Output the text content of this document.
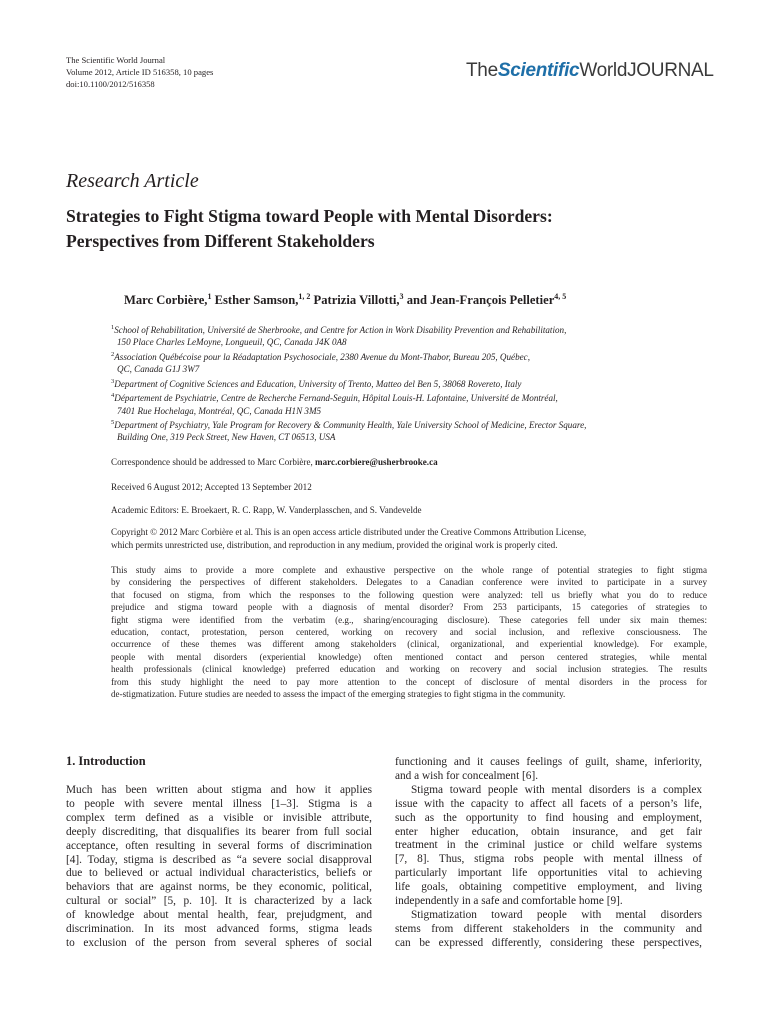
The Scientific World Journal
Volume 2012, Article ID 516358, 10 pages
doi:10.1100/2012/516358
TheScientificWorldJOURNAL
Research Article
Strategies to Fight Stigma toward People with Mental Disorders:
Perspectives from Different Stakeholders
Marc Corbière,$^1$ Esther Samson,$^{1, 2}$ Patrizia Villotti,$^3$ and Jean-François Pelletier$^{4, 5}$
$^1$School of Rehabilitation, Université de Sherbrooke, and Centre for Action in Work Disability Prevention and Rehabilitation,
150 Place Charles LeMoyne, Longueuil, QC, Canada J4K 0A8
$^2$Association Québécoise pour la Réadaptation Psychosociale, 2380 Avenue du Mont-Thabor, Bureau 205, Québec,
QC, Canada G1J 3W7
$^3$Department of Cognitive Sciences and Education, University of Trento, Matteo del Ben 5, 38068 Rovereto, Italy
$^4$Département de Psychiatrie, Centre de Recherche Fernand-Seguin, Hôpital Louis-H. Lafontaine, Université de Montréal,
7401 Rue Hochelaga, Montréal, QC, Canada H1N 3M5
$^5$Department of Psychiatry, Yale Program for Recovery & Community Health, Yale University School of Medicine, Erector Square,
Building One, 319 Peck Street, New Haven, CT 06513, USA
Correspondence should be addressed to Marc Corbière, marc.corbiere@usherbrooke.ca
Received 6 August 2012; Accepted 13 September 2012
Academic Editors: E. Broekaert, R. C. Rapp, W. Vanderplasschen, and S. Vandevelde
Copyright © 2012 Marc Corbière et al. This is an open access article distributed under the Creative Commons Attribution License,
which permits unrestricted use, distribution, and reproduction in any medium, provided the original work is properly cited.
This study aims to provide a more complete and exhaustive perspective on the whole range of potential strategies to fight stigma
by considering the perspectives of different stakeholders. Delegates to a Canadian conference were invited to participate in a survey
that focused on stigma, from which the responses to the following question were analyzed: tell us briefly what you do to reduce
prejudice and stigma toward people with a diagnosis of mental disorder? From 253 participants, 15 categories of strategies to
fight stigma were identified from the verbatim (e.g., sharing/encouraging disclosure). These categories fell under six main themes:
education, contact, protestation, person centered, working on recovery and social inclusion, and reflexive consciousness. The
occurrence of these themes was different among stakeholders (clinical, organizational, and experiential knowledge). For example,
people with mental disorders (experiential knowledge) often mentioned contact and person centered strategies, while mental
health professionals (clinical knowledge) preferred education and working on recovery and social inclusion strategies. The results
from this study highlight the need to pay more attention to the concept of disclosure of mental disorders in the process for
de-stigmatization. Future studies are needed to assess the impact of the emerging strategies to fight stigma in the community.
1. Introduction
Much has been written about stigma and how it applies
to people with severe mental illness [1–3]. Stigma is a
complex term defined as a visible or invisible attribute,
deeply discrediting, that disqualifies its bearer from full social
acceptance, often resulting in several forms of discrimination
[4]. Today, stigma is described as “a severe social disapproval
due to believed or actual individual characteristics, beliefs or
behaviors that are against norms, be they economic, political,
cultural or social” [5, p. 10]. It is characterized by a lack
of knowledge about mental health, fear, prejudgment, and
discrimination. In its most advanced forms, stigma leads
to exclusion of the person from several spheres of social
functioning and it causes feelings of guilt, shame, inferiority,
and a wish for concealment [6].
Stigma toward people with mental disorders is a complex
issue with the capacity to affect all facets of a person’s life,
such as the opportunity to find housing and employment,
enter higher education, obtain insurance, and get fair
treatment in the criminal justice or child welfare systems
[7, 8]. Thus, stigma robs people with mental illness of
particularly important life opportunities vital to achieving
life goals, obtaining competitive employment, and living
independently in a safe and comfortable home [9].
Stigmatization toward people with mental disorders
stems from different stakeholders in the community and
can be expressed differently, considering these perspectives,
